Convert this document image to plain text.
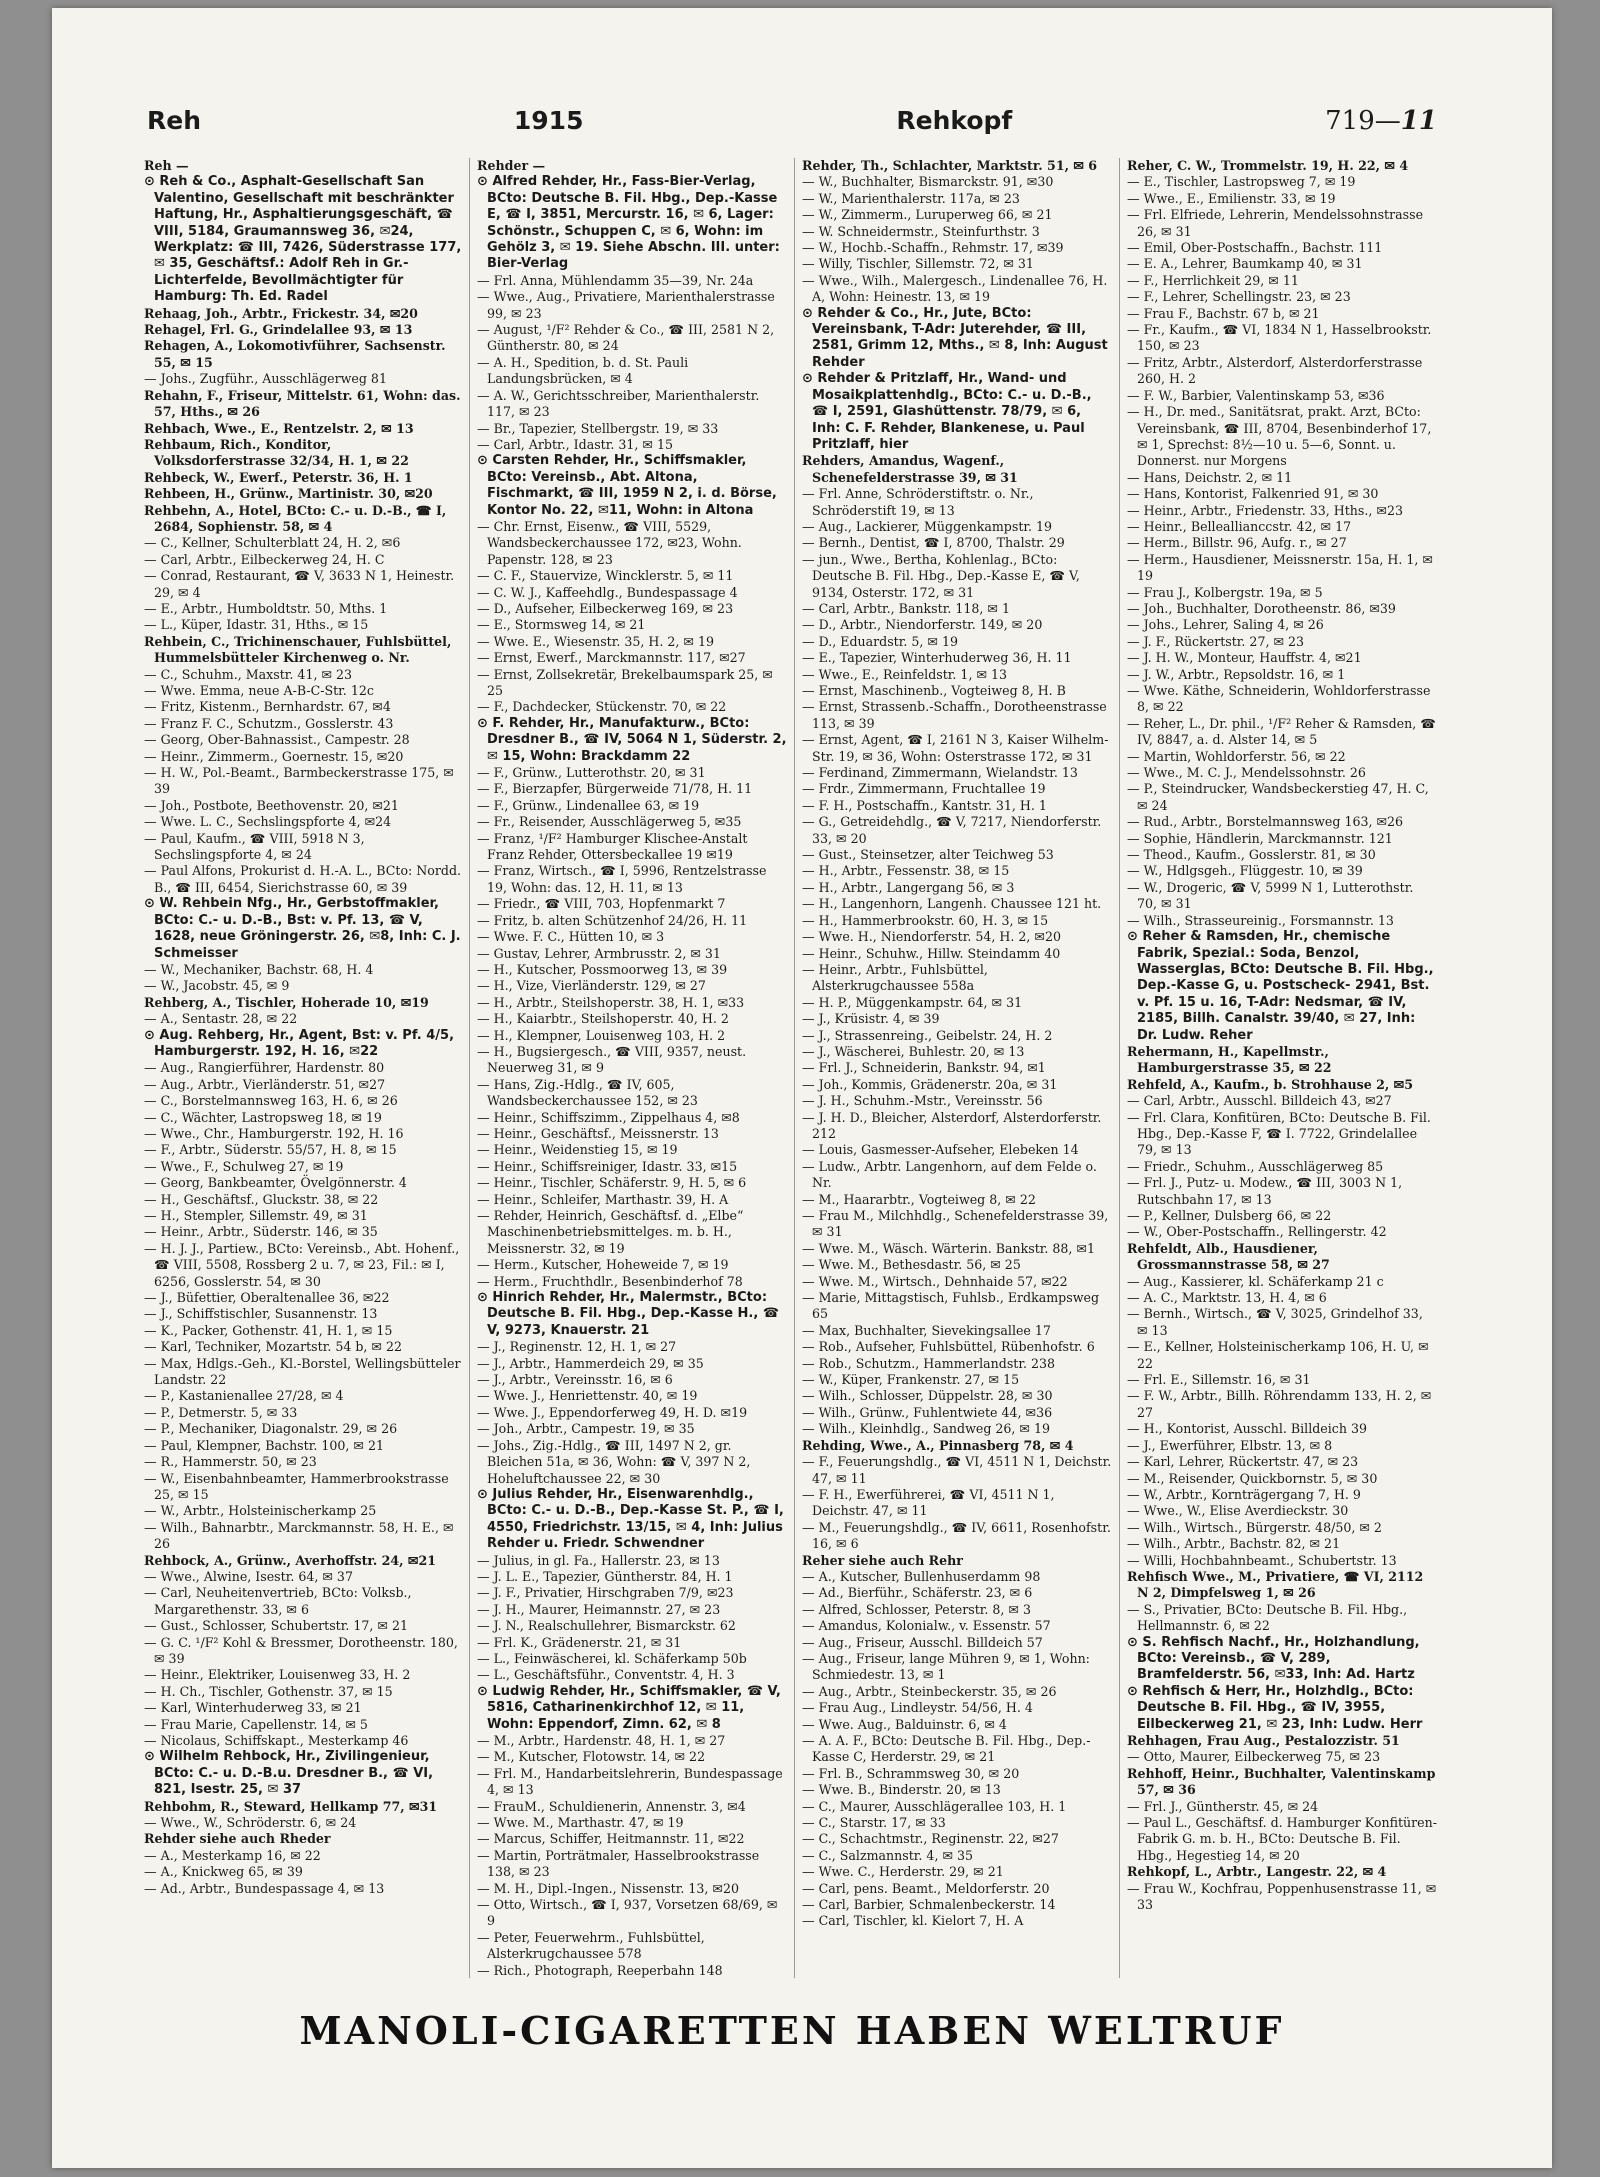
Reh	1915	Rehkopf	719—11

Reh —

⊙ Reh & Co., Asphalt-Gesellschaft San Valentino, Gesellschaft mit beschränkter Haftung, Hr., Asphaltierungsgeschäft, ☎ VIII, 5184, Graumannsweg 36, ✉24, Werkplatz: ☎ III, 7426, Süderstrasse 177, ✉ 35, Geschäftsf.: Adolf Reh in Gr.-Lichterfelde, Bevollmächtigter für Hamburg: Th. Ed. Radel

Rehaag, Joh., Arbtr., Frickestr. 34, ✉20

Rehagel, Frl. G., Grindelallee 93, ✉ 13

Rehagen, A., Lokomotivführer, Sachsenstr. 55, ✉ 15

— Johs., Zugführ., Ausschlägerweg 81

Rehahn, F., Friseur, Mittelstr. 61, Wohn: das. 57, Hths., ✉ 26

Rehbach, Wwe., E., Rentzelstr. 2, ✉ 13

Rehbaum, Rich., Konditor, Volksdorferstrasse 32/34, H. 1, ✉ 22

Rehbeck, W., Ewerf., Peterstr. 36, H. 1

Rehbeen, H., Grünw., Martinistr. 30, ✉20

Rehbehn, A., Hotel, BCto: C.- u. D.-B., ☎ I, 2684, Sophienstr. 58, ✉ 4

— C., Kellner, Schulterblatt 24, H. 2, ✉6

— Carl, Arbtr., Eilbeckerweg 24, H. C

— Conrad, Restaurant, ☎ V, 3633 N 1, Heinestr. 29, ✉ 4

— E., Arbtr., Humboldtstr. 50, Mths. 1

— L., Küper, Idastr. 31, Hths., ✉ 15

Rehbein, C., Trichinenschauer, Fuhlsbüttel, Hummelsbütteler Kirchenweg o. Nr.

— C., Schuhm., Maxstr. 41, ✉ 23

— Wwe. Emma, neue A-B-C-Str. 12c

— Fritz, Kistenm., Bernhardstr. 67, ✉4

— Franz F. C., Schutzm., Gosslerstr. 43

— Georg, Ober-Bahnassist., Campestr. 28

— Heinr., Zimmerm., Goernestr. 15, ✉20

— H. W., Pol.-Beamt., Barmbeckerstrasse 175, ✉ 39

— Joh., Postbote, Beethovenstr. 20, ✉21

— Wwe. L. C., Sechslingspforte 4, ✉24

— Paul, Kaufm., ☎ VIII, 5918 N 3, Sechslingspforte 4, ✉ 24

— Paul Alfons, Prokurist d. H.-A. L., BCto: Nordd. B., ☎ III, 6454, Sierichstrasse 60, ✉ 39

⊙ W. Rehbein Nfg., Hr., Gerbstoffmakler, BCto: C.- u. D.-B., Bst: v. Pf. 13, ☎ V, 1628, neue Gröningerstr. 26, ✉8, Inh: C. J. Schmeisser

— W., Mechaniker, Bachstr. 68, H. 4

— W., Jacobstr. 45, ✉ 9

Rehberg, A., Tischler, Hoherade 10, ✉19

— A., Sentastr. 28, ✉ 22

⊙ Aug. Rehberg, Hr., Agent, Bst: v. Pf. 4/5, Hamburgerstr. 192, H. 16, ✉22

— Aug., Rangierführer, Hardenstr. 80

— Aug., Arbtr., Vierländerstr. 51, ✉27

— C., Borstelmannsweg 163, H. 6, ✉ 26

— C., Wächter, Lastropsweg 18, ✉ 19

— Wwe., Chr., Hamburgerstr. 192, H. 16

— F., Arbtr., Süderstr. 55/57, H. 8, ✉ 15

— Wwe., F., Schulweg 27, ✉ 19

— Georg, Bankbeamter, Övelgönnerstr. 4

— H., Geschäftsf., Gluckstr. 38, ✉ 22

— H., Stempler, Sillemstr. 49, ✉ 31

— Heinr., Arbtr., Süderstr. 146, ✉ 35

— H. J. J., Partiew., BCto: Vereinsb., Abt. Hohenf., ☎ VIII, 5508, Rossberg 2 u. 7, ✉ 23, Fil.: ✉ I, 6256, Gosslerstr. 54, ✉ 30

— J., Büfettier, Oberaltenallee 36, ✉22

— J., Schiffstischler, Susannenstr. 13

— K., Packer, Gothenstr. 41, H. 1, ✉ 15

— Karl, Techniker, Mozartstr. 54 b, ✉ 22

— Max, Hdlgs.-Geh., Kl.-Borstel, Wellingsbütteler Landstr. 22

— P., Kastanienallee 27/28, ✉ 4

— P., Detmerstr. 5, ✉ 33

— P., Mechaniker, Diagonalstr. 29, ✉ 26

— Paul, Klempner, Bachstr. 100, ✉ 21

— R., Hammerstr. 50, ✉ 23

— W., Eisenbahnbeamter, Hammerbrookstrasse 25, ✉ 15

— W., Arbtr., Holsteinischerkamp 25

— Wilh., Bahnarbtr., Marckmannstr. 58, H. E., ✉ 26

Rehbock, A., Grünw., Averhoffstr. 24, ✉21

— Wwe., Alwine, Isestr. 64, ✉ 37

— Carl, Neuheitenvertrieb, BCto: Volksb., Margarethenstr. 33, ✉ 6

— Gust., Schlosser, Schubertstr. 17, ✉ 21

— G. C. ¹/F² Kohl & Bressmer, Dorotheenstr. 180, ✉ 39

— Heinr., Elektriker, Louisenweg 33, H. 2

— H. Ch., Tischler, Gothenstr. 37, ✉ 15

— Karl, Winterhuderweg 33, ✉ 21

— Frau Marie, Capellenstr. 14, ✉ 5

— Nicolaus, Schiffskapt., Mesterkamp 46

⊙ Wilhelm Rehbock, Hr., Zivilingenieur, BCto: C.- u. D.-B.u. Dresdner B., ☎ VI, 821, Isestr. 25, ✉ 37

Rehbohm, R., Steward, Hellkamp 77, ✉31

— Wwe., W., Schröderstr. 6, ✉ 24

Rehder siehe auch Rheder

— A., Mesterkamp 16, ✉ 22

— A., Knickweg 65, ✉ 39

— Ad., Arbtr., Bundespassage 4, ✉ 13

Rehder —

⊙ Alfred Rehder, Hr., Fass-Bier-Verlag, BCto: Deutsche B. Fil. Hbg., Dep.-Kasse E, ☎ I, 3851, Mercurstr. 16, ✉ 6, Lager: Schönstr., Schuppen C, ✉ 6, Wohn: im Gehölz 3, ✉ 19. Siehe Abschn. III. unter: Bier-Verlag

— Frl. Anna, Mühlendamm 35—39, Nr. 24a

— Wwe., Aug., Privatiere, Marienthalerstrasse 99, ✉ 23

— August, ¹/F² Rehder & Co., ☎ III, 2581 N 2, Güntherstr. 80, ✉ 24

— A. H., Spedition, b. d. St. Pauli Landungsbrücken, ✉ 4

— A. W., Gerichtsschreiber, Marienthalerstr. 117, ✉ 23

— Br., Tapezier, Stellbergstr. 19, ✉ 33

— Carl, Arbtr., Idastr. 31, ✉ 15

⊙ Carsten Rehder, Hr., Schiffsmakler, BCto: Vereinsb., Abt. Altona, Fischmarkt, ☎ III, 1959 N 2, i. d. Börse, Kontor No. 22, ✉11, Wohn: in Altona

— Chr. Ernst, Eisenw., ☎ VIII, 5529, Wandsbeckerchaussee 172, ✉23, Wohn. Papenstr. 128, ✉ 23

— C. F., Stauervize, Wincklerstr. 5, ✉ 11

— C. W. J., Kaffeehdlg., Bundespassage 4

— D., Aufseher, Eilbeckerweg 169, ✉ 23

— E., Stormsweg 14, ✉ 21

— Wwe. E., Wiesenstr. 35, H. 2, ✉ 19

— Ernst, Ewerf., Marckmannstr. 117, ✉27

— Ernst, Zollsekretär, Brekelbaumspark 25, ✉ 25

— F., Dachdecker, Stückenstr. 70, ✉ 22

⊙ F. Rehder, Hr., Manufakturw., BCto: Dresdner B., ☎ IV, 5064 N 1, Süderstr. 2, ✉ 15, Wohn: Brackdamm 22

— F., Grünw., Lutterothstr. 20, ✉ 31

— F., Bierzapfer, Bürgerweide 71/78, H. 11

— F., Grünw., Lindenallee 63, ✉ 19

— Fr., Reisender, Ausschlägerweg 5, ✉35

— Franz, ¹/F² Hamburger Klischee-Anstalt Franz Rehder, Ottersbeckallee 19 ✉19

— Franz, Wirtsch., ☎ I, 5996, Rentzelstrasse 19, Wohn: das. 12, H. 11, ✉ 13

— Friedr., ☎ VIII, 703, Hopfenmarkt 7

— Fritz, b. alten Schützenhof 24/26, H. 11

— Wwe. F. C., Hütten 10, ✉ 3

— Gustav, Lehrer, Armbrusstr. 2, ✉ 31

— H., Kutscher, Possmoorweg 13, ✉ 39

— H., Vize, Vierländerstr. 129, ✉ 27

— H., Arbtr., Steilshoperstr. 38, H. 1, ✉33

— H., Kaiarbtr., Steilshoperstr. 40, H. 2

— H., Klempner, Louisenweg 103, H. 2

— H., Bugsiergesch., ☎ VIII, 9357, neust. Neuerweg 31, ✉ 9

— Hans, Zig.-Hdlg., ☎ IV, 605, Wandsbeckerchaussee 152, ✉ 23

— Heinr., Schiffszimm., Zippelhaus 4, ✉8

— Heinr., Geschäftsf., Meissnerstr. 13

— Heinr., Weidenstieg 15, ✉ 19

— Heinr., Schiffsreiniger, Idastr. 33, ✉15

— Heinr., Tischler, Schäferstr. 9, H. 5, ✉ 6

— Heinr., Schleifer, Marthastr. 39, H. A

— Rehder, Heinrich, Geschäftsf. d. „Elbe“ Maschinenbetriebsmittelges. m. b. H., Meissnerstr. 32, ✉ 19

— Herm., Kutscher, Hoheweide 7, ✉ 19

— Herm., Fruchthdlr., Besenbinderhof 78

⊙ Hinrich Rehder, Hr., Malermstr., BCto: Deutsche B. Fil. Hbg., Dep.-Kasse H., ☎ V, 9273, Knauerstr. 21

— J., Reginenstr. 12, H. 1, ✉ 27

— J., Arbtr., Hammerdeich 29, ✉ 35

— J., Arbtr., Vereinsstr. 16, ✉ 6

— Wwe. J., Henriettenstr. 40, ✉ 19

— Wwe. J., Eppendorferweg 49, H. D. ✉19

— Joh., Arbtr., Campestr. 19, ✉ 35

— Johs., Zig.-Hdlg., ☎ III, 1497 N 2, gr. Bleichen 51a, ✉ 36, Wohn: ☎ V, 397 N 2, Hoheluftchaussee 22, ✉ 30

⊙ Julius Rehder, Hr., Eisenwarenhdlg., BCto: C.- u. D.-B., Dep.-Kasse St. P., ☎ I, 4550, Friedrichstr. 13/15, ✉ 4, Inh: Julius Rehder u. Friedr. Schwendner

— Julius, in gl. Fa., Hallerstr. 23, ✉ 13

— J. L. E., Tapezier, Güntherstr. 84, H. 1

— J. F., Privatier, Hirschgraben 7/9, ✉23

— J. H., Maurer, Heimannstr. 27, ✉ 23

— J. N., Realschullehrer, Bismarckstr. 62

— Frl. K., Grädenerstr. 21, ✉ 31

— L., Feinwäscherei, kl. Schäferkamp 50b

— L., Geschäftsführ., Conventstr. 4, H. 3

⊙ Ludwig Rehder, Hr., Schiffsmakler, ☎ V, 5816, Catharinenkirchhof 12, ✉ 11, Wohn: Eppendorf, Zimn. 62, ✉ 8

— M., Arbtr., Hardenstr. 48, H. 1, ✉ 27

— M., Kutscher, Flotowstr. 14, ✉ 22

— Frl. M., Handarbeitslehrerin, Bundespassage 4, ✉ 13

— FrauM., Schuldienerin, Annenstr. 3, ✉4

— Wwe. M., Marthastr. 47, ✉ 19

— Marcus, Schiffer, Heitmannstr. 11, ✉22

— Martin, Porträtmaler, Hasselbrookstrasse 138, ✉ 23

— M. H., Dipl.-Ingen., Nissenstr. 13, ✉20

— Otto, Wirtsch., ☎ I, 937, Vorsetzen 68/69, ✉ 9

— Peter, Feuerwehrm., Fuhlsbüttel, Alsterkrugchaussee 578

— Rich., Photograph, Reeperbahn 148

Rehder, Th., Schlachter, Marktstr. 51, ✉ 6

— W., Buchhalter, Bismarckstr. 91, ✉30

— W., Marienthalerstr. 117a, ✉ 23

— W., Zimmerm., Luruperweg 66, ✉ 21

— W. Schneidermstr., Steinfurthstr. 3

— W., Hochb.-Schaffn., Rehmstr. 17, ✉39

— Willy, Tischler, Sillemstr. 72, ✉ 31

— Wwe., Wilh., Malergesch., Lindenallee 76, H. A, Wohn: Heinestr. 13, ✉ 19

⊙ Rehder & Co., Hr., Jute, BCto: Vereinsbank, T-Adr: Juterehder, ☎ III, 2581, Grimm 12, Mths., ✉ 8, Inh: August Rehder

⊙ Rehder & Pritzlaff, Hr., Wand- und Mosaikplattenhdlg., BCto: C.- u. D.-B., ☎ I, 2591, Glashüttenstr. 78/79, ✉ 6, Inh: C. F. Rehder, Blankenese, u. Paul Pritzlaff, hier

Rehders, Amandus, Wagenf., Schenefelderstrasse 39, ✉ 31

— Frl. Anne, Schröderstiftstr. o. Nr., Schröderstift 19, ✉ 13

— Aug., Lackierer, Müggenkampstr. 19

— Bernh., Dentist, ☎ I, 8700, Thalstr. 29

— jun., Wwe., Bertha, Kohlenlag., BCto: Deutsche B. Fil. Hbg., Dep.-Kasse E, ☎ V, 9134, Osterstr. 172, ✉ 31

— Carl, Arbtr., Bankstr. 118, ✉ 1

— D., Arbtr., Niendorferstr. 149, ✉ 20

— D., Eduardstr. 5, ✉ 19

— E., Tapezier, Winterhuderweg 36, H. 11

— Wwe., E., Reinfeldstr. 1, ✉ 13

— Ernst, Maschinenb., Vogteiweg 8, H. B

— Ernst, Strassenb.-Schaffn., Dorotheenstrasse 113, ✉ 39

— Ernst, Agent, ☎ I, 2161 N 3, Kaiser Wilhelm-Str. 19, ✉ 36, Wohn: Osterstrasse 172, ✉ 31

— Ferdinand, Zimmermann, Wielandstr. 13

— Frdr., Zimmermann, Fruchtallee 19

— F. H., Postschaffn., Kantstr. 31, H. 1

— G., Getreidehdlg., ☎ V, 7217, Niendorferstr. 33, ✉ 20

— Gust., Steinsetzer, alter Teichweg 53

— H., Arbtr., Fessenstr. 38, ✉ 15

— H., Arbtr., Langergang 56, ✉ 3

— H., Langenhorn, Langenh. Chaussee 121 ht.

— H., Hammerbrookstr. 60, H. 3, ✉ 15

— Wwe. H., Niendorferstr. 54, H. 2, ✉20

— Heinr., Schuhw., Hillw. Steindamm 40

— Heinr., Arbtr., Fuhlsbüttel, Alsterkrugchaussee 558a

— H. P., Müggenkampstr. 64, ✉ 31

— J., Krüsistr. 4, ✉ 39

— J., Strassenreing., Geibelstr. 24, H. 2

— J., Wäscherei, Buhlestr. 20, ✉ 13

— Frl. J., Schneiderin, Bankstr. 94, ✉1

— Joh., Kommis, Grädenerstr. 20a, ✉ 31

— J. H., Schuhm.-Mstr., Vereinsstr. 56

— J. H. D., Bleicher, Alsterdorf, Alsterdorferstr. 212

— Louis, Gasmesser-Aufseher, Elebeken 14

— Ludw., Arbtr. Langenhorn, auf dem Felde o. Nr.

— M., Haararbtr., Vogteiweg 8, ✉ 22

— Frau M., Milchhdlg., Schenefelderstrasse 39, ✉ 31

— Wwe. M., Wäsch. Wärterin. Bankstr. 88, ✉1

— Wwe. M., Bethesdastr. 56, ✉ 25

— Wwe. M., Wirtsch., Dehnhaide 57, ✉22

— Marie, Mittagstisch, Fuhlsb., Erdkampsweg 65

— Max, Buchhalter, Sievekingsallee 17

— Rob., Aufseher, Fuhlsbüttel, Rübenhofstr. 6

— Rob., Schutzm., Hammerlandstr. 238

— W., Küper, Frankenstr. 27, ✉ 15

— Wilh., Schlosser, Düppelstr. 28, ✉ 30

— Wilh., Grünw., Fuhlentwiete 44, ✉36

— Wilh., Kleinhdlg., Sandweg 26, ✉ 19

Rehding, Wwe., A., Pinnasberg 78, ✉ 4

— F., Feuerungshdlg., ☎ VI, 4511 N 1, Deichstr. 47, ✉ 11

— F. H., Ewerführerei, ☎ VI, 4511 N 1, Deichstr. 47, ✉ 11

— M., Feuerungshdlg., ☎ IV, 6611, Rosenhofstr. 16, ✉ 6

Reher siehe auch Rehr

— A., Kutscher, Bullenhuserdamm 98

— Ad., Bierführ., Schäferstr. 23, ✉ 6

— Alfred, Schlosser, Peterstr. 8, ✉ 3

— Amandus, Kolonialw., v. Essenstr. 57

— Aug., Friseur, Ausschl. Billdeich 57

— Aug., Friseur, lange Mühren 9, ✉ 1, Wohn: Schmiedestr. 13, ✉ 1

— Aug., Arbtr., Steinbeckerstr. 35, ✉ 26

— Frau Aug., Lindleystr. 54/56, H. 4

— Wwe. Aug., Balduinstr. 6, ✉ 4

— A. A. F., BCto: Deutsche B. Fil. Hbg., Dep.-Kasse C, Herderstr. 29, ✉ 21

— Frl. B., Schrammsweg 30, ✉ 20

— Wwe. B., Binderstr. 20, ✉ 13

— C., Maurer, Ausschlägerallee 103, H. 1

— C., Starstr. 17, ✉ 33

— C., Schachtmstr., Reginenstr. 22, ✉27

— C., Salzmannstr. 4, ✉ 35

— Wwe. C., Herderstr. 29, ✉ 21

— Carl, pens. Beamt., Meldorferstr. 20

— Carl, Barbier, Schmalenbeckerstr. 14

— Carl, Tischler, kl. Kielort 7, H. A

Reher, C. W., Trommelstr. 19, H. 22, ✉ 4

— E., Tischler, Lastropsweg 7, ✉ 19

— Wwe., E., Emilienstr. 33, ✉ 19

— Frl. Elfriede, Lehrerin, Mendelssohnstrasse 26, ✉ 31

— Emil, Ober-Postschaffn., Bachstr. 111

— E. A., Lehrer, Baumkamp 40, ✉ 31

— F., Herrlichkeit 29, ✉ 11

— F., Lehrer, Schellingstr. 23, ✉ 23

— Frau F., Bachstr. 67 b, ✉ 21

— Fr., Kaufm., ☎ VI, 1834 N 1, Hasselbrookstr. 150, ✉ 23

— Fritz, Arbtr., Alsterdorf, Alsterdorferstrasse 260, H. 2

— F. W., Barbier, Valentinskamp 53, ✉36

— H., Dr. med., Sanitätsrat, prakt. Arzt, BCto: Vereinsbank, ☎ III, 8704, Besenbinderhof 17, ✉ 1, Sprechst: 8½—10 u. 5—6, Sonnt. u. Donnerst. nur Morgens

— Hans, Deichstr. 2, ✉ 11

— Hans, Kontorist, Falkenried 91, ✉ 30

— Heinr., Arbtr., Friedenstr. 33, Hths., ✉23

— Heinr., Belleallianccstr. 42, ✉ 17

— Herm., Billstr. 96, Aufg. r., ✉ 27

— Herm., Hausdiener, Meissnerstr. 15a, H. 1, ✉ 19

— Frau J., Kolbergstr. 19a, ✉ 5

— Joh., Buchhalter, Dorotheenstr. 86, ✉39

— Johs., Lehrer, Saling 4, ✉ 26

— J. F., Rückertstr. 27, ✉ 23

— J. H. W., Monteur, Hauffstr. 4, ✉21

— J. W., Arbtr., Repsoldstr. 16, ✉ 1

— Wwe. Käthe, Schneiderin, Wohldorferstrasse 8, ✉ 22

— Reher, L., Dr. phil., ¹/F² Reher & Ramsden, ☎ IV, 8847, a. d. Alster 14, ✉ 5

— Martin, Wohldorferstr. 56, ✉ 22

— Wwe., M. C. J., Mendelssohnstr. 26

— P., Steindrucker, Wandsbeckerstieg 47, H. C, ✉ 24

— Rud., Arbtr., Borstelmannsweg 163, ✉26

— Sophie, Händlerin, Marckmannstr. 121

— Theod., Kaufm., Gosslerstr. 81, ✉ 30

— W., Hdlgsgeh., Flüggestr. 10, ✉ 39

— W., Drogeric, ☎ V, 5999 N 1, Lutterothstr. 70, ✉ 31

— Wilh., Strasseureinig., Forsmannstr. 13

⊙ Reher & Ramsden, Hr., chemische Fabrik, Spezial.: Soda, Benzol, Wasserglas, BCto: Deutsche B. Fil. Hbg., Dep.-Kasse G, u. Postscheck- 2941, Bst. v. Pf. 15 u. 16, T-Adr: Nedsmar, ☎ IV, 2185, Billh. Canalstr. 39/40, ✉ 27, Inh: Dr. Ludw. Reher

Rehermann, H., Kapellmstr., Hamburgerstrasse 35, ✉ 22

Rehfeld, A., Kaufm., b. Strohhause 2, ✉5

— Carl, Arbtr., Ausschl. Billdeich 43, ✉27

— Frl. Clara, Konfitüren, BCto: Deutsche B. Fil. Hbg., Dep.-Kasse F, ☎ I. 7722, Grindelallee 79, ✉ 13

— Friedr., Schuhm., Ausschlägerweg 85

— Frl. J., Putz- u. Modew., ☎ III, 3003 N 1, Rutschbahn 17, ✉ 13

— P., Kellner, Dulsberg 66, ✉ 22

— W., Ober-Postschaffn., Rellingerstr. 42

Rehfeldt, Alb., Hausdiener, Grossmannstrasse 58, ✉ 27

— Aug., Kassierer, kl. Schäferkamp 21 c

— A. C., Marktstr. 13, H. 4, ✉ 6

— Bernh., Wirtsch., ☎ V, 3025, Grindelhof 33, ✉ 13

— E., Kellner, Holsteinischerkamp 106, H. U, ✉ 22

— Frl. E., Sillemstr. 16, ✉ 31

— F. W., Arbtr., Billh. Röhrendamm 133, H. 2, ✉ 27

— H., Kontorist, Ausschl. Billdeich 39

— J., Ewerführer, Elbstr. 13, ✉ 8

— Karl, Lehrer, Rückertstr. 47, ✉ 23

— M., Reisender, Quickbornstr. 5, ✉ 30

— W., Arbtr., Kornträgergang 7, H. 9

— Wwe., W., Elise Averdieckstr. 30

— Wilh., Wirtsch., Bürgerstr. 48/50, ✉ 2

— Wilh., Arbtr., Bachstr. 82, ✉ 21

— Willi, Hochbahnbeamt., Schubertstr. 13

Rehfisch Wwe., M., Privatiere, ☎ VI, 2112 N 2, Dimpfelsweg 1, ✉ 26

— S., Privatier, BCto: Deutsche B. Fil. Hbg., Hellmannstr. 6, ✉ 22

⊙ S. Rehfisch Nachf., Hr., Holzhandlung, BCto: Vereinsb., ☎ V, 289, Bramfelderstr. 56, ✉33, Inh: Ad. Hartz

⊙ Rehfisch & Herr, Hr., Holzhdlg., BCto: Deutsche B. Fil. Hbg., ☎ IV, 3955, Eilbeckerweg 21, ✉ 23, Inh: Ludw. Herr

Rehhagen, Frau Aug., Pestalozzistr. 51

— Otto, Maurer, Eilbeckerweg 75, ✉ 23

Rehhoff, Heinr., Buchhalter, Valentinskamp 57, ✉ 36

— Frl. J., Güntherstr. 45, ✉ 24

— Paul L., Geschäftsf. d. Hamburger Konfitüren-Fabrik G. m. b. H., BCto: Deutsche B. Fil. Hbg., Hegestieg 14, ✉ 20

Rehkopf, L., Arbtr., Langestr. 22, ✉ 4

— Frau W., Kochfrau, Poppenhusenstrasse 11, ✉ 33

MANOLI-CIGARETTEN HABEN WELTRUF
